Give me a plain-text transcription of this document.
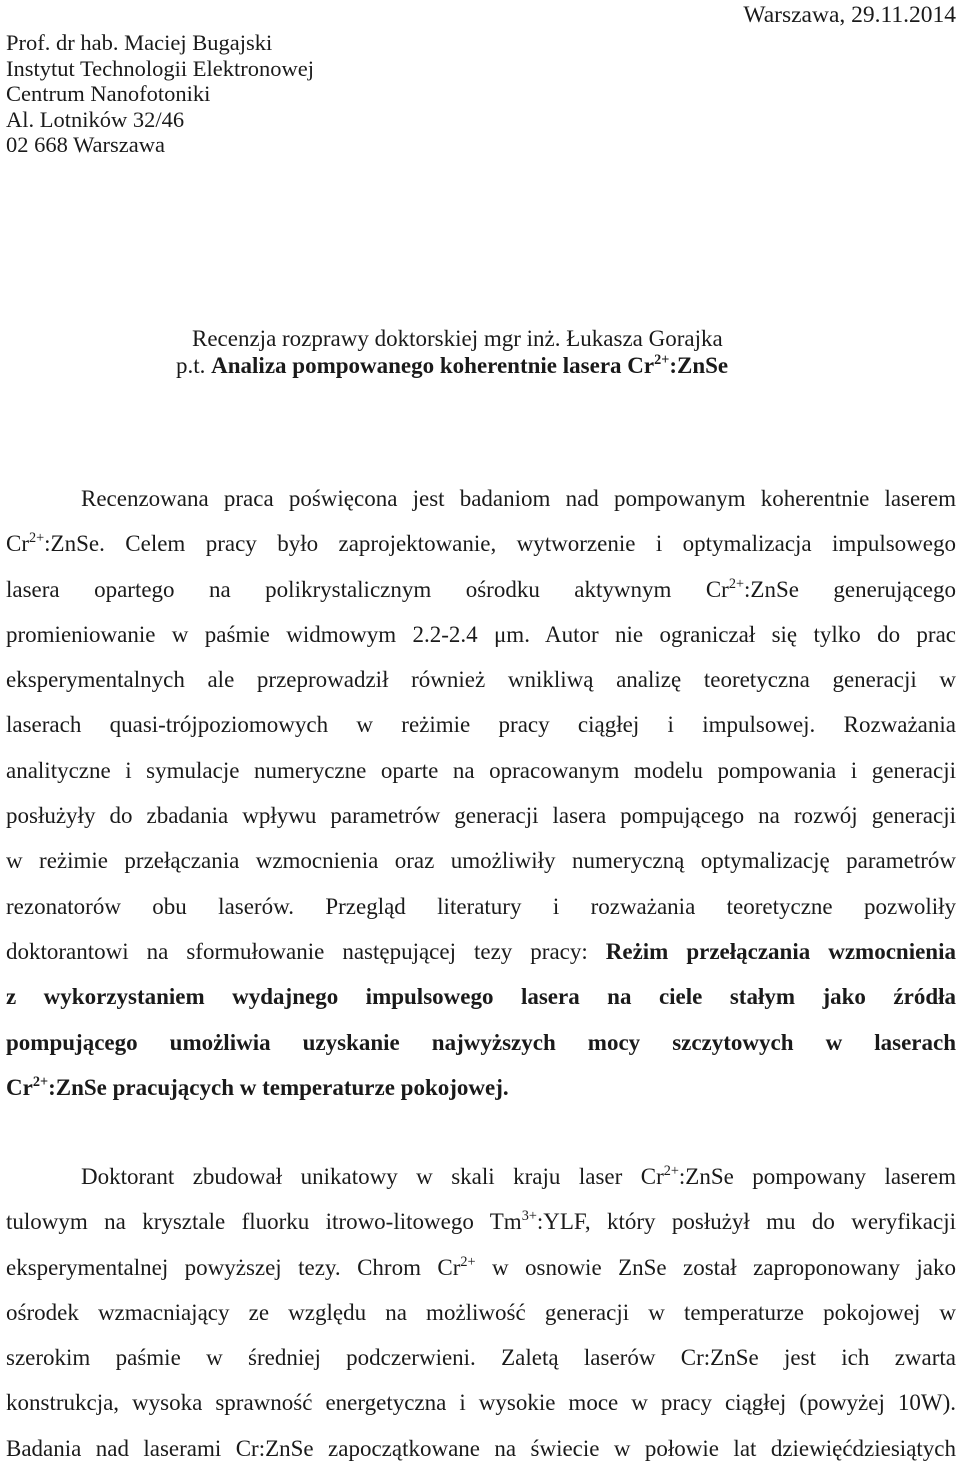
Prof. dr hab. Maciej Bugajski
Instytut Technologii Elektronowej
Centrum Nanofotoniki
Al. Lotników 32/46
02 668 Warszawa
Warszawa, 29.11.2014
Recenzja rozprawy doktorskiej mgr inż. Łukasza Gorajka
p.t. Analiza pompowanego koherentnie lasera $Cr^{2+}:ZnSe$
Recenzowana praca poświęcona jest badaniom nad pompowanym koherentnie laserem
$Cr^{2+}:ZnSe$. Celem pracy było zaprojektowanie, wytworzenie i optymalizacja impulsowego
lasera opartego na polikrystalicznym ośrodku aktywnym $Cr^{2+}:ZnSe$ generującego
promieniowanie w paśmie widmowym 2.2-2.4 μm. Autor nie ograniczał się tylko do prac
eksperymentalnych ale przeprowadził również wnikliwą analizę teoretyczna generacji w
laserach quasi-trójpoziomowych w reżimie pracy ciągłej i impulsowej. Rozważania
analityczne i symulacje numeryczne oparte na opracowanym modelu pompowania i generacji
posłużyły do zbadania wpływu parametrów generacji lasera pompującego na rozwój generacji
w reżimie przełączania wzmocnienia oraz umożliwiły numeryczną optymalizację parametrów
rezonatorów obu laserów. Przegląd literatury i rozważania teoretyczne pozwoliły
doktorantowi na sformułowanie następującej tezy pracy: Reżim przełączania wzmocnienia
z wykorzystaniem wydajnego impulsowego lasera na ciele stałym jako źródła
pompującego umożliwia uzyskanie najwyższych mocy szczytowych w laserach
$Cr^{2+}:ZnSe$ pracujących w temperaturze pokojowej.
Doktorant zbudował unikatowy w skali kraju laser $Cr^{2+}:ZnSe$ pompowany laserem
tulowym na krysztale fluorku itrowo-litowego $Tm^{3+}:YLF$, który posłużył mu do weryfikacji
eksperymentalnej powyższej tezy. Chrom $Cr^{2+}$ w osnowie ZnSe został zaproponowany jako
ośrodek wzmacniający ze względu na możliwość generacji w temperaturze pokojowej w
szerokim paśmie w średniej podczerwieni. Zaletą laserów Cr:ZnSe jest ich zwarta
konstrukcja, wysoka sprawność energetyczna i wysokie moce w pracy ciągłej (powyżej 10W).
Badania nad laserami Cr:ZnSe zapoczątkowane na świecie w połowie lat dziewięćdziesiątych
